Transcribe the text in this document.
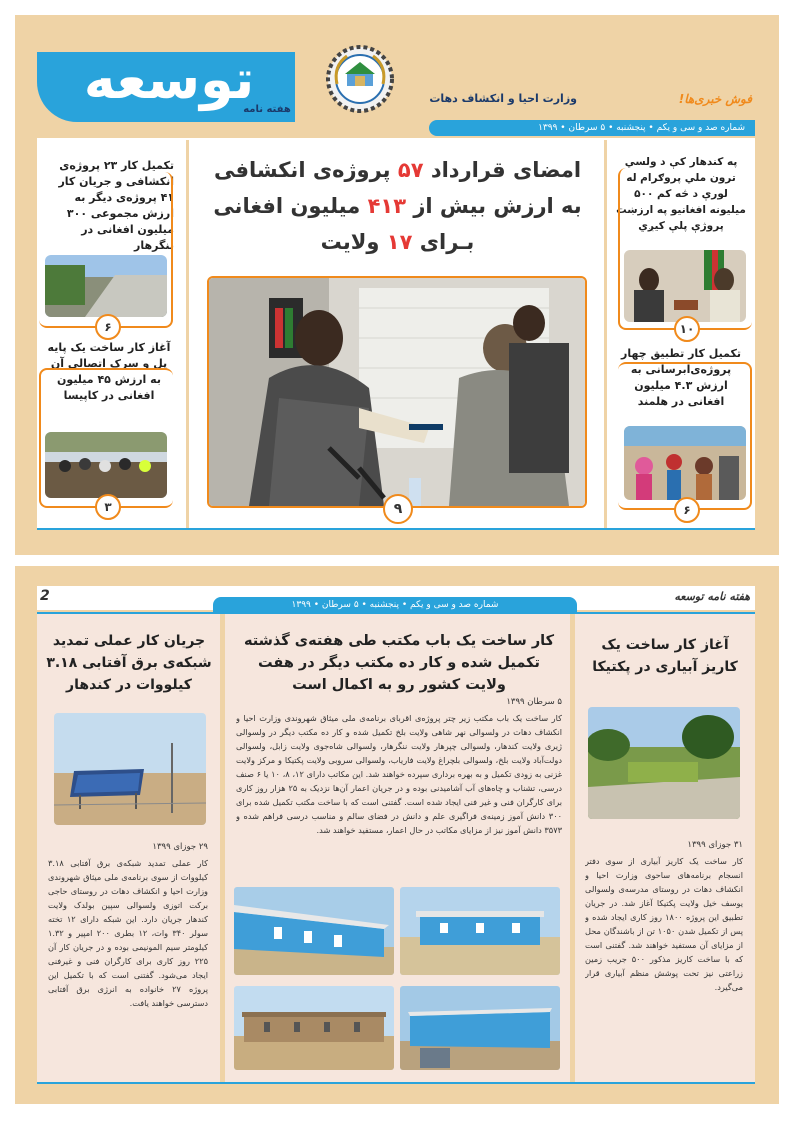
توسعه
هفته نامه
وزارت احیا و انکشاف دهات	فوش خبری‌ها!
شماره صد و سی و یکم • پنجشنبه • ۵ سرطان • ۱۳۹۹
امضای قرارداد ۵۷ پروژه‌ی انکشافی
به ارزش بیش از ۴۱۳ میلیون افغانی
بـرای ۱۷ ولایت
۹
تکمیل کار ۲۳ پروژه‌ی انکشافی و جریان کار ۴۱ پروژه‌ی دیگر به ارزش مجموعی ۳۰۰ میلیون افغانی در ننگرهار
۶
آغاز کار ساخت یک پایه پل و سرک اتصالی آن به ارزش ۴۵ میلیون افغانی در کاپیسا
۳
په کندهار کې د ولسي ترون ملي پروګرام له لورې د څه کم ۵۰۰ میلیونه افغانیو په ارزښت پروژې پلې کیږي
۱۰
تکمیل کار تطبیق چهار پروژه‌ی‌آبرسانی به ارزش ۴.۳ میلیون افغانی در هلمند
۶
2	هفته نامه توسعه
شماره صد و سی و یکم • پنجشنبه • ۵ سرطان • ۱۳۹۹
آغاز کار ساخت یک کاریز آبیاری در پکتیکا
۳۱ جوزای ۱۳۹۹
کار ساخت یک کاریز آبیاری از سوی دفتر انسجام برنامه‌های ساحوی وزارت احیا و انکشاف دهات در روستای مدرسه‌ی ولسوالی یوسف خیل ولایت پکتیکا آغاز شد. در جریان تطبیق این پروژه ۱۸۰۰ روز کاری ایجاد شده و پس از تکمیل شدن ۱۰۵۰ تن از باشندگان محل از مزایای آن مستفید خواهند شد. گفتنی است که با ساخت کاریز مذکور ۵۰۰ جریب زمین زراعتی نیز تحت پوشش منظم آبیاری قرار می‌گیرد.
کار ساخت یک باب مکتب طی هفته‌ی گذشته تکمیل شده و کار ده مکتب دیگر در هفت ولایت کشور رو به اکمال است
۵ سرطان ۱۳۹۹
کار ساخت یک باب مکتب زیر چتر پروژه‌ی اقربای برنامه‌ی ملی میثاق شهروندی وزارت احیا و انکشاف دهات در ولسوالی نهر شاهی ولایت بلخ تکمیل شده و کار ده مکتب دیگر در ولسوالی ژیری ولایت کندهار، ولسوالی چپرهار ولایت ننگرهار، ولسوالی شاه‌جوی ولایت زابل، ولسوالی دولت‌آباد ولایت بلخ، ولسوالی بلچراغ ولایت فاریاب، ولسوالی سروبی ولایت پکتیکا و مرکز ولایت غزنی به زودی تکمیل و به بهره برداری سپرده خواهند شد. این مکاتب دارای ۱۲، ۸، ۱۰ یا ۶ صنف درسی، تشناب و چاه‌های آب آشامیدنی بوده و در جریان اعمار آن‌ها نزدیک به ۲۵ هزار روز کاری برای کارگران فنی و غیر فنی ایجاد شده است. گفتنی است که با ساخت مکتب تکمیل شده برای ۳۰۰ دانش آموز زمینه‌ی فراگیری علم و دانش در فضای سالم و مناسب درسی فراهم شده و ۳۵۷۳ دانش آموز نیز از مزایای مکاتب در حال اعمار، مستفید خواهند شد.
جریان کار عملی تمدید شبکه‌ی برق آفتابی ۳.۱۸ کیلووات در کندهار
۲۹ جوزای ۱۳۹۹
کار عملی تمدید شبکه‌ی برق آفتابی ۳.۱۸ کیلووات از سوی برنامه‌ی ملی میثاق شهروندی وزارت احیا و انکشاف دهات در روستای حاجی برکت اتوزی ولسوالی سپین بولدک ولایت کندهار جریان دارد. این شبکه دارای ۱۲ تخته سولر ۳۴۰ وات، ۱۲ بطری ۲۰۰ امپیر و ۱.۳۲ کیلومتر سیم المونیمی بوده و در جریان کار آن ۲۲۵ روز کاری برای کارگران فنی و غیرفنی ایجاد می‌شود. گفتنی است که با تکمیل این پروژه ۲۷ خانواده به انرژی برق آفتابی دسترسی خواهند یافت.
